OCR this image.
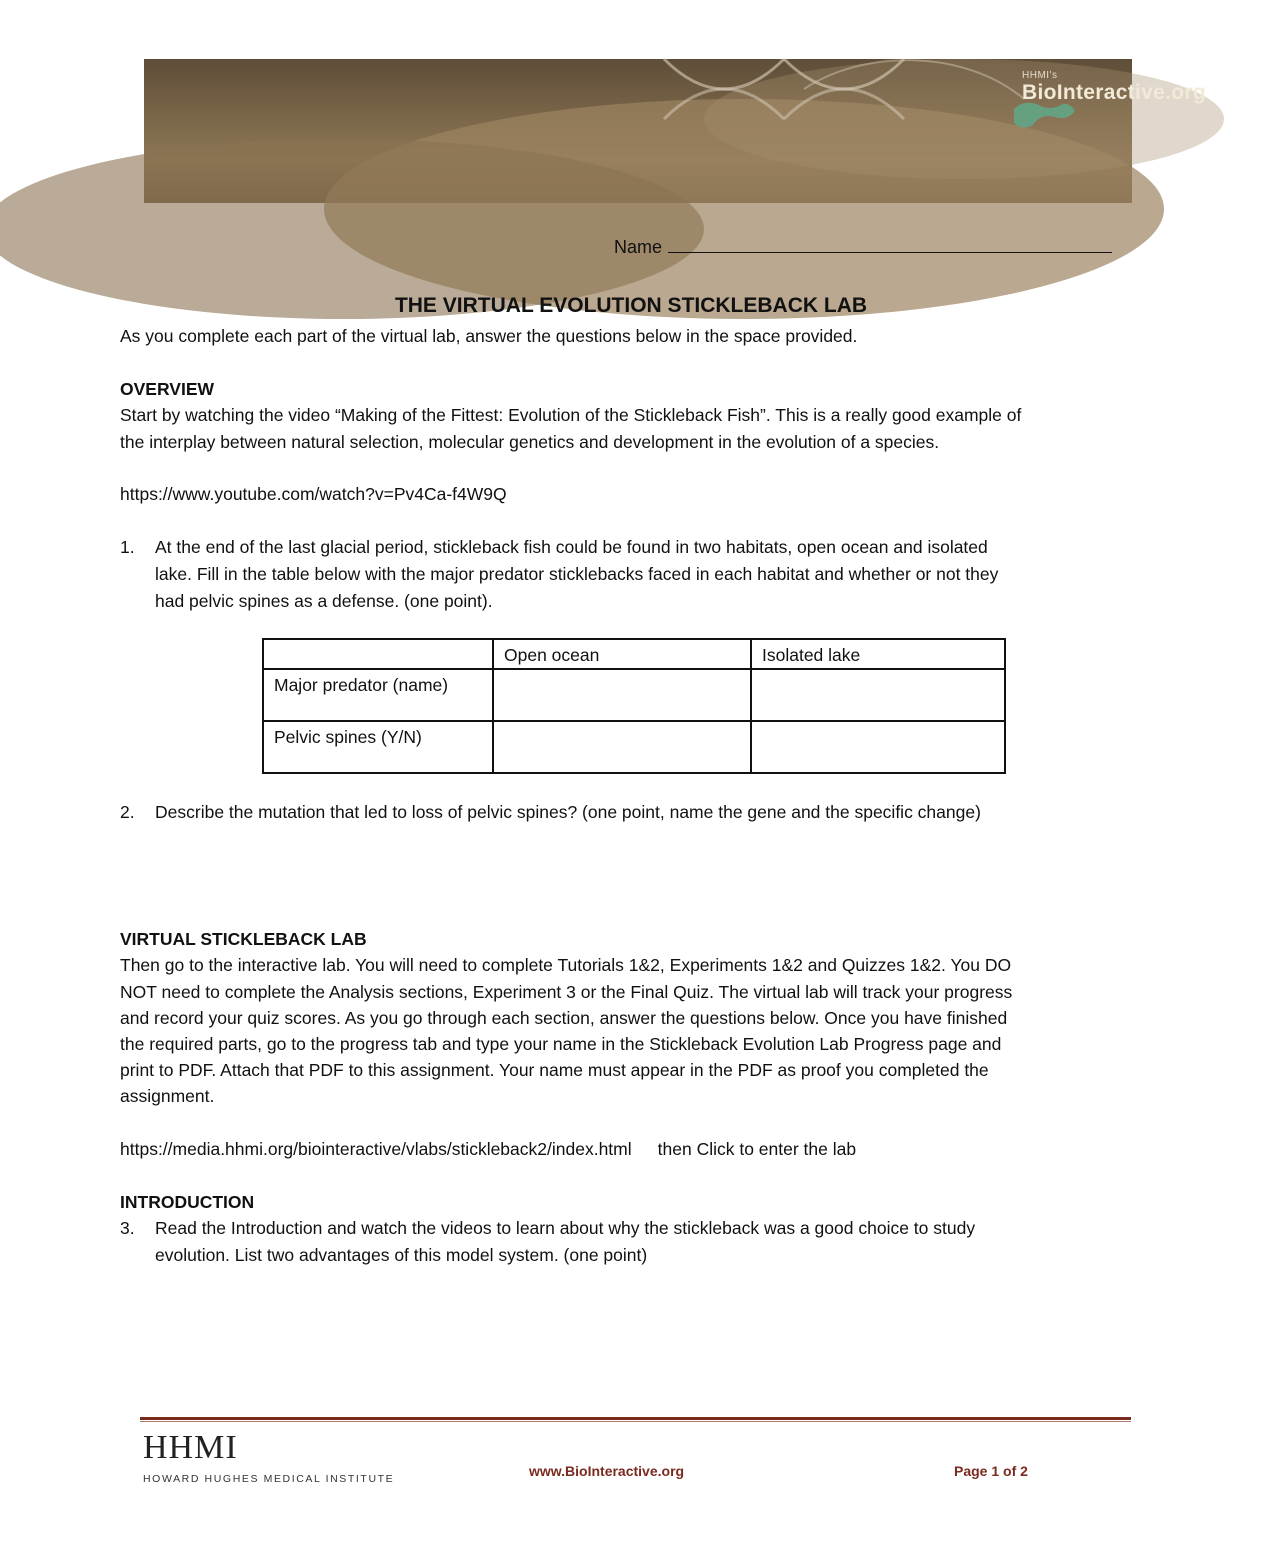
HHMI's
BioInteractive.org
Name
THE VIRTUAL EVOLUTION STICKLEBACK LAB

As you complete each part of the virtual lab, answer the questions below in the space provided.

OVERVIEW

Start by watching the video “Making of the Fittest: Evolution of the Stickleback Fish”. This is a really good example of

the interplay between natural selection, molecular genetics and development in the evolution of a species.

https://www.youtube.com/watch?v=Pv4Ca-f4W9Q

1.	At the end of the last glacial period, stickleback fish could be found in two habitats, open ocean and isolated
lake. Fill in the table below with the major predator sticklebacks faced in each habitat and whether or not they
had pelvic spines as a defense. (one point).
	Open ocean	Isolated lake
Major predator (name)		
Pelvic spines (Y/N)		
2.	Describe the mutation that led to loss of pelvic spines? (one point, name the gene and the specific change)

VIRTUAL STICKLEBACK LAB

Then go to the interactive lab. You will need to complete Tutorials 1&2, Experiments 1&2 and Quizzes 1&2. You DO

NOT need to complete the Analysis sections, Experiment 3 or the Final Quiz. The virtual lab will track your progress

and record your quiz scores. As you go through each section, answer the questions below. Once you have finished

the required parts, go to the progress tab and type your name in the Stickleback Evolution Lab Progress page and

print to PDF. Attach that PDF to this assignment. Your name must appear in the PDF as proof you completed the

assignment.

https://media.hhmi.org/biointeractive/vlabs/stickleback2/index.html then Click to enter the lab

INTRODUCTION

3.	Read the Introduction and watch the videos to learn about why the stickleback was a good choice to study
evolution. List two advantages of this model system. (one point)
HHMI
HOWARD HUGHES MEDICAL INSTITUTE	www.BioInteractive.org	Page 1 of 2
